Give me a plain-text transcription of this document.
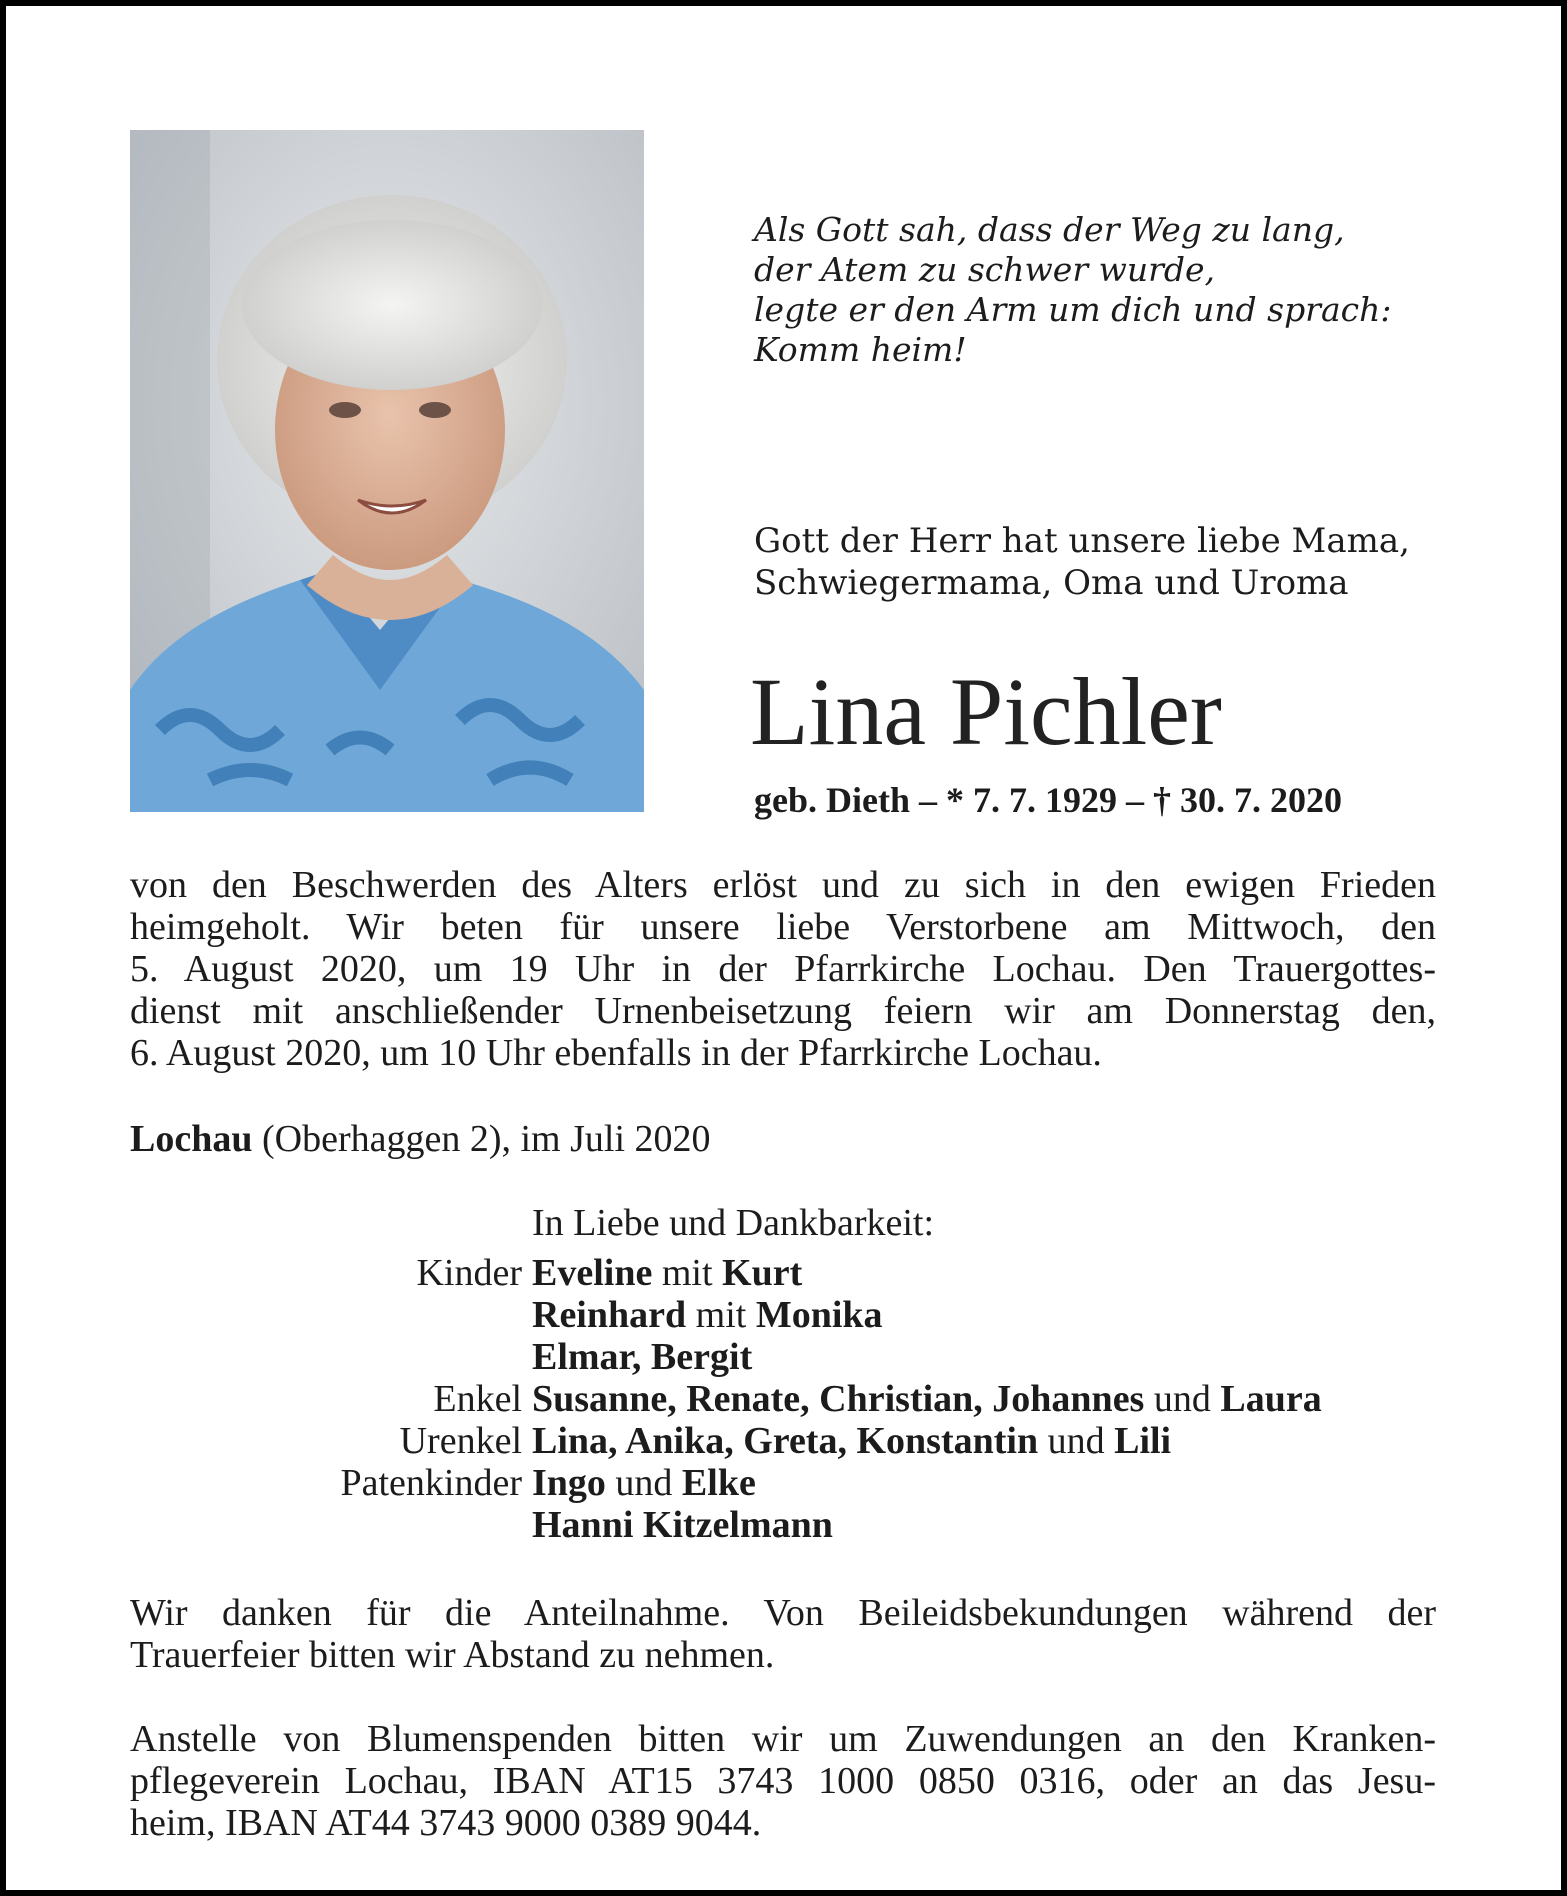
Als Gott sah, dass der Weg zu lang,
der Atem zu schwer wurde,
legte er den Arm um dich und sprach:
Komm heim!
Gott der Herr hat unsere liebe Mama,
Schwiegermama, Oma und Uroma
Lina Pichler
geb. Dieth – * 7. 7. 1929 – † 30. 7. 2020
von den Beschwerden des Alters erlöst und zu sich in den ewigen Frieden
heimgeholt. Wir beten für unsere liebe Verstorbene am Mittwoch, den
5. August 2020, um 19 Uhr in der Pfarrkirche Lochau. Den Trauergottes-
dienst mit anschließender Urnenbeisetzung feiern wir am Donnerstag den,
6. August 2020, um 10 Uhr ebenfalls in der Pfarrkirche Lochau.
Lochau (Oberhaggen 2), im Juli 2020
In Liebe und Dankbarkeit:
Kinder Eveline mit Kurt
Reinhard mit Monika
Elmar, Bergit
Enkel Susanne, Renate, Christian, Johannes und Laura
Urenkel Lina, Anika, Greta, Konstantin und Lili
Patenkinder Ingo und Elke
Hanni Kitzelmann
Wir danken für die Anteilnahme. Von Beileidsbekundungen während der
Trauerfeier bitten wir Abstand zu nehmen.
Anstelle von Blumenspenden bitten wir um Zuwendungen an den Kranken-
pflegeverein Lochau, IBAN AT15 3743 1000 0850 0316, oder an das Jesu-
heim, IBAN AT44 3743 9000 0389 9044.
